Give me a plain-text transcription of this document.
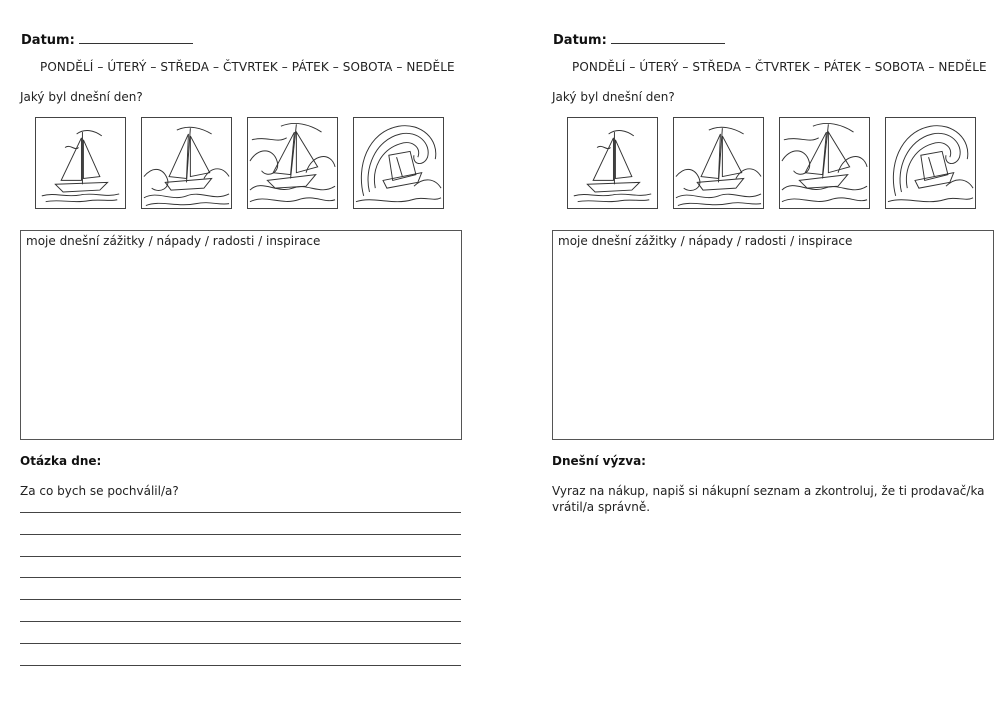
Datum:
PONDĚLÍ – ÚTERÝ – STŘEDA – ČTVRTEK – PÁTEK – SOBOTA – NEDĚLE
Jaký byl dnešní den?
moje dnešní zážitky / nápady / radosti / inspirace
Otázka dne:
Za co bych se pochválil/a?
Datum:
PONDĚLÍ – ÚTERÝ – STŘEDA – ČTVRTEK – PÁTEK – SOBOTA – NEDĚLE
Jaký byl dnešní den?
moje dnešní zážitky / nápady / radosti / inspirace
Dnešní výzva:
Vyraz na nákup, napiš si nákupní seznam a zkontroluj, že ti prodavač/ka vrátil/a správně.
